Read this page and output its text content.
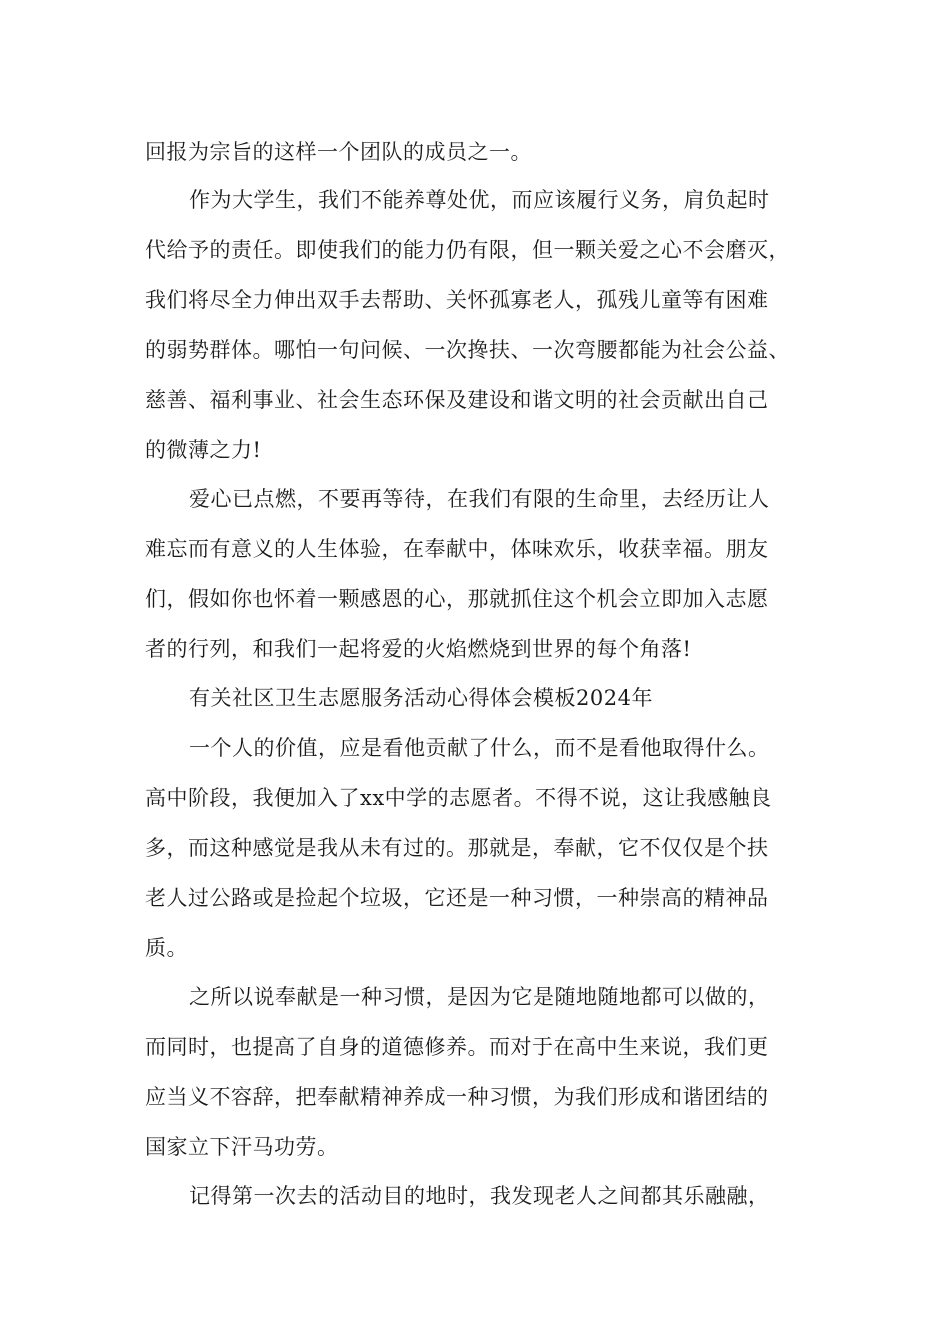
回报为宗旨的这样一个团队的成员之一。
作为大学生，我们不能养尊处优，而应该履行义务，肩负起时
代给予的责任。即使我们的能力仍有限，但一颗关爱之心不会磨灭，
我们将尽全力伸出双手去帮助、关怀孤寡老人，孤残儿童等有困难
的弱势群体。哪怕一句问候、一次搀扶、一次弯腰都能为社会公益、
慈善、福利事业、社会生态环保及建设和谐文明的社会贡献出自己
的微薄之力!
爱心已点燃，不要再等待，在我们有限的生命里，去经历让人
难忘而有意义的人生体验，在奉献中，体味欢乐，收获幸福。朋友
们，假如你也怀着一颗感恩的心，那就抓住这个机会立即加入志愿
者的行列，和我们一起将爱的火焰燃烧到世界的每个角落!
有关社区卫生志愿服务活动心得体会模板2024年
一个人的价值，应是看他贡献了什么，而不是看他取得什么。
高中阶段，我便加入了xx中学的志愿者。不得不说，这让我感触良
多，而这种感觉是我从未有过的。那就是，奉献，它不仅仅是个扶
老人过公路或是捡起个垃圾，它还是一种习惯，一种崇高的精神品
质。
之所以说奉献是一种习惯，是因为它是随地随地都可以做的，
而同时，也提高了自身的道德修养。而对于在高中生来说，我们更
应当义不容辞，把奉献精神养成一种习惯，为我们形成和谐团结的
国家立下汗马功劳。
记得第一次去的活动目的地时，我发现老人之间都其乐融融，
